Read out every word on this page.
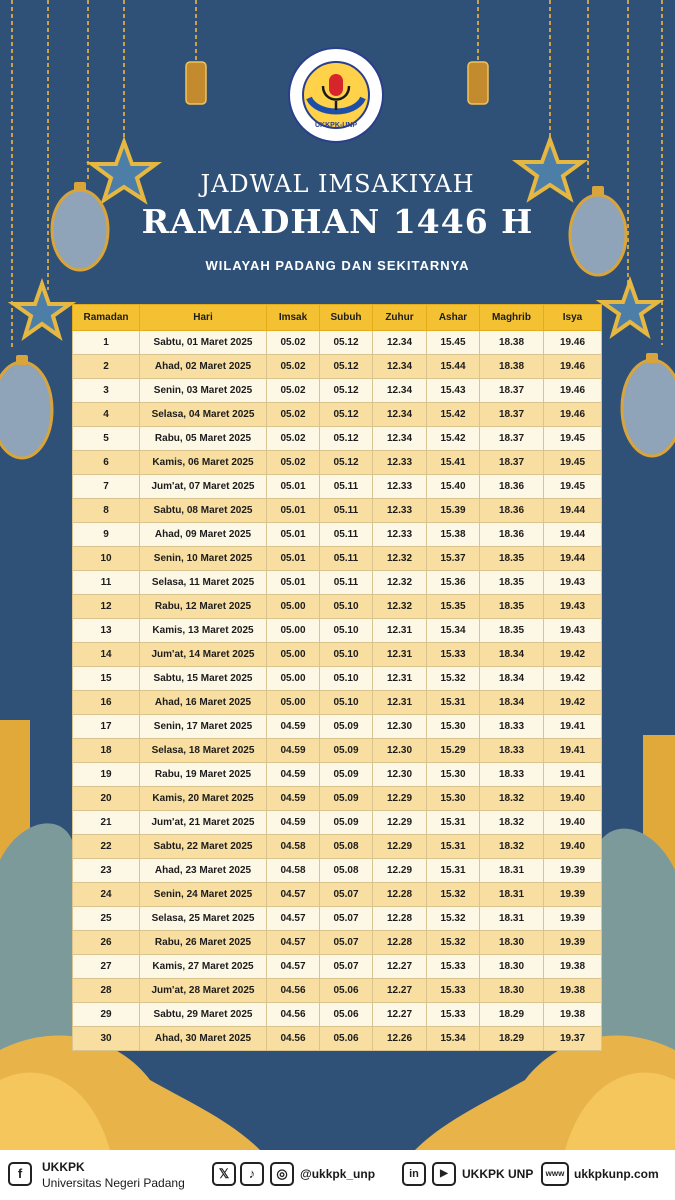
UKKPK-UNP
JADWAL IMSAKIYAH
RAMADHAN 1446 H
WILAYAH PADANG DAN SEKITARNYA
Ramadan	Hari	Imsak	Subuh	Zuhur	Ashar	Maghrib	Isya
1	Sabtu, 01 Maret 2025	05.02	05.12	12.34	15.45	18.38	19.46
2	Ahad, 02 Maret 2025	05.02	05.12	12.34	15.44	18.38	19.46
3	Senin, 03 Maret 2025	05.02	05.12	12.34	15.43	18.37	19.46
4	Selasa, 04 Maret 2025	05.02	05.12	12.34	15.42	18.37	19.46
5	Rabu, 05 Maret 2025	05.02	05.12	12.34	15.42	18.37	19.45
6	Kamis, 06 Maret 2025	05.02	05.12	12.33	15.41	18.37	19.45
7	Jum'at, 07 Maret 2025	05.01	05.11	12.33	15.40	18.36	19.45
8	Sabtu, 08 Maret 2025	05.01	05.11	12.33	15.39	18.36	19.44
9	Ahad, 09 Maret 2025	05.01	05.11	12.33	15.38	18.36	19.44
10	Senin, 10 Maret 2025	05.01	05.11	12.32	15.37	18.35	19.44
11	Selasa, 11 Maret 2025	05.01	05.11	12.32	15.36	18.35	19.43
12	Rabu, 12 Maret 2025	05.00	05.10	12.32	15.35	18.35	19.43
13	Kamis, 13 Maret 2025	05.00	05.10	12.31	15.34	18.35	19.43
14	Jum'at, 14 Maret 2025	05.00	05.10	12.31	15.33	18.34	19.42
15	Sabtu, 15 Maret 2025	05.00	05.10	12.31	15.32	18.34	19.42
16	Ahad, 16 Maret 2025	05.00	05.10	12.31	15.31	18.34	19.42
17	Senin, 17 Maret 2025	04.59	05.09	12.30	15.30	18.33	19.41
18	Selasa, 18 Maret 2025	04.59	05.09	12.30	15.29	18.33	19.41
19	Rabu, 19 Maret 2025	04.59	05.09	12.30	15.30	18.33	19.41
20	Kamis, 20 Maret 2025	04.59	05.09	12.29	15.30	18.32	19.40
21	Jum'at, 21 Maret 2025	04.59	05.09	12.29	15.31	18.32	19.40
22	Sabtu, 22 Maret 2025	04.58	05.08	12.29	15.31	18.32	19.40
23	Ahad, 23 Maret 2025	04.58	05.08	12.29	15.31	18.31	19.39
24	Senin, 24 Maret 2025	04.57	05.07	12.28	15.32	18.31	19.39
25	Selasa, 25 Maret 2025	04.57	05.07	12.28	15.32	18.31	19.39
26	Rabu, 26 Maret 2025	04.57	05.07	12.28	15.32	18.30	19.39
27	Kamis, 27 Maret 2025	04.57	05.07	12.27	15.33	18.30	19.38
28	Jum'at, 28 Maret 2025	04.56	05.06	12.27	15.33	18.30	19.38
29	Sabtu, 29 Maret 2025	04.56	05.06	12.27	15.33	18.29	19.38
30	Ahad, 30 Maret 2025	04.56	05.06	12.26	15.34	18.29	19.37
f	UKKPK
Universitas Negeri Padang
𝕏	♪	◎	@ukkpk_unp	in	▶	UKKPK UNP	www ukkpkunp.com
